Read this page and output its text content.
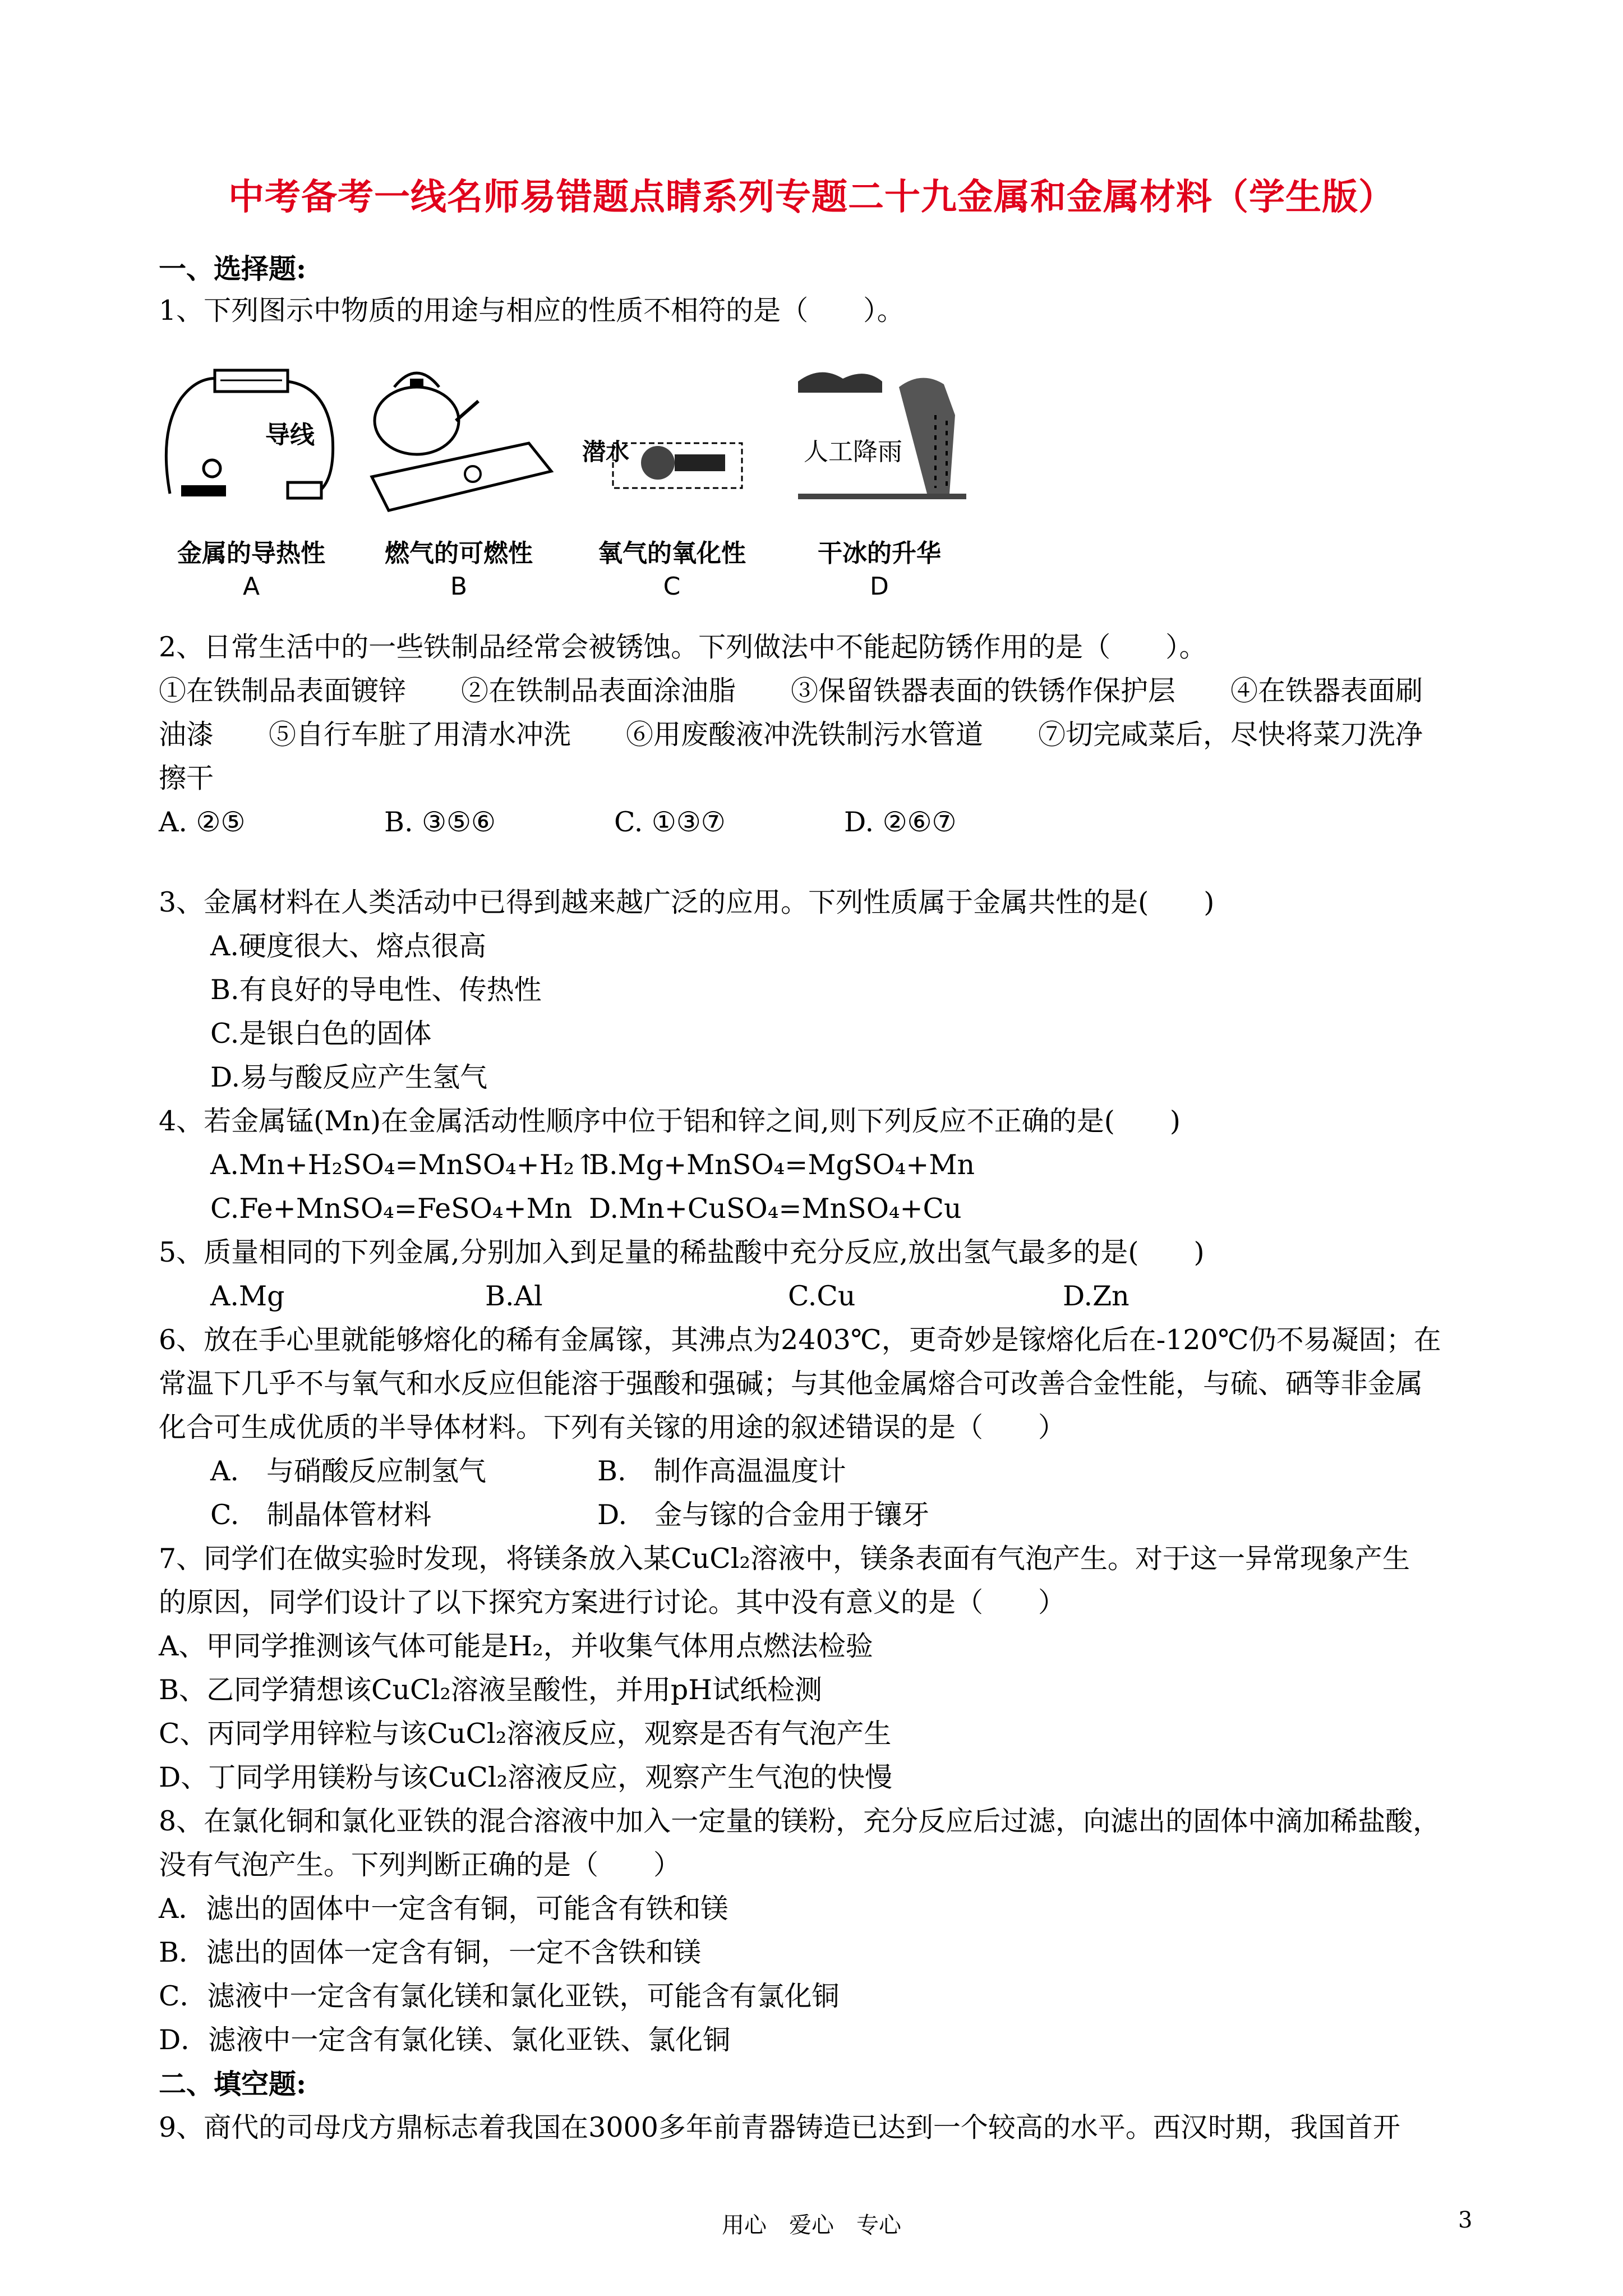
中考备考一线名师易错题点睛系列专题二十九金属和金属材料（学生版）
一、选择题:
1、下列图示中物质的用途与相应的性质不相符的是（　　）。
导线
金属的导热性
A
燃气的可燃性
B
潜水
氧气的氧化性
C
人工降雨
干冰的升华
D
2、日常生活中的一些铁制品经常会被锈蚀。下列做法中不能起防锈作用的是（　　）。
①在铁制品表面镀锌　　②在铁制品表面涂油脂　　③保留铁器表面的铁锈作保护层　　④在铁器表面刷
油漆　　⑤自行车脏了用清水冲洗　　⑥用废酸液冲洗铁制污水管道　　⑦切完咸菜后，尽快将菜刀洗净
擦干
A. ②⑤	B. ③⑤⑥	C. ①③⑦	D. ②⑥⑦
3、金属材料在人类活动中已得到越来越广泛的应用。下列性质属于金属共性的是(　　)
A.硬度很大、熔点很高
B.有良好的导电性、传热性
C.是银白色的固体
D.易与酸反应产生氢气
4、若金属锰(Mn)在金属活动性顺序中位于铝和锌之间,则下列反应不正确的是(　　)
A.Mn+H₂SO₄=MnSO₄+H₂↑
B.Mg+MnSO₄=MgSO₄+Mn
C.Fe+MnSO₄=FeSO₄+Mn D.Mn+CuSO₄=MnSO₄+Cu
5、质量相同的下列金属,分别加入到足量的稀盐酸中充分反应,放出氢气最多的是(　　)
A.Mg	B.Al	C.Cu	D.Zn
6、放在手心里就能够熔化的稀有金属镓，其沸点为2403℃，更奇妙是镓熔化后在-120℃仍不易凝固；在
常温下几乎不与氧气和水反应但能溶于强酸和强碱；与其他金属熔合可改善合金性能，与硫、硒等非金属
化合可生成优质的半导体材料。下列有关镓的用途的叙述错误的是（　　）
A.　与硝酸反应制氢气	B.　制作高温温度计
C.　制晶体管材料	D.　金与镓的合金用于镶牙
7、同学们在做实验时发现，将镁条放入某CuCl₂溶液中，镁条表面有气泡产生。对于这一异常现象产生
的原因，同学们设计了以下探究方案进行讨论。其中没有意义的是（　　）
A、甲同学推测该气体可能是H₂，并收集气体用点燃法检验
B、乙同学猜想该CuCl₂溶液呈酸性，并用pH试纸检测
C、丙同学用锌粒与该CuCl₂溶液反应，观察是否有气泡产生
D、丁同学用镁粉与该CuCl₂溶液反应，观察产生气泡的快慢
8、在氯化铜和氯化亚铁的混合溶液中加入一定量的镁粉，充分反应后过滤，向滤出的固体中滴加稀盐酸，
没有气泡产生。下列判断正确的是（　　）
A．滤出的固体中一定含有铜，可能含有铁和镁
B．滤出的固体一定含有铜，一定不含铁和镁
C．滤液中一定含有氯化镁和氯化亚铁，可能含有氯化铜
D．滤液中一定含有氯化镁、氯化亚铁、氯化铜
二、填空题:
9、商代的司母戊方鼎标志着我国在3000多年前青器铸造已达到一个较高的水平。西汉时期，我国首开
用心　爱心　专心	3
